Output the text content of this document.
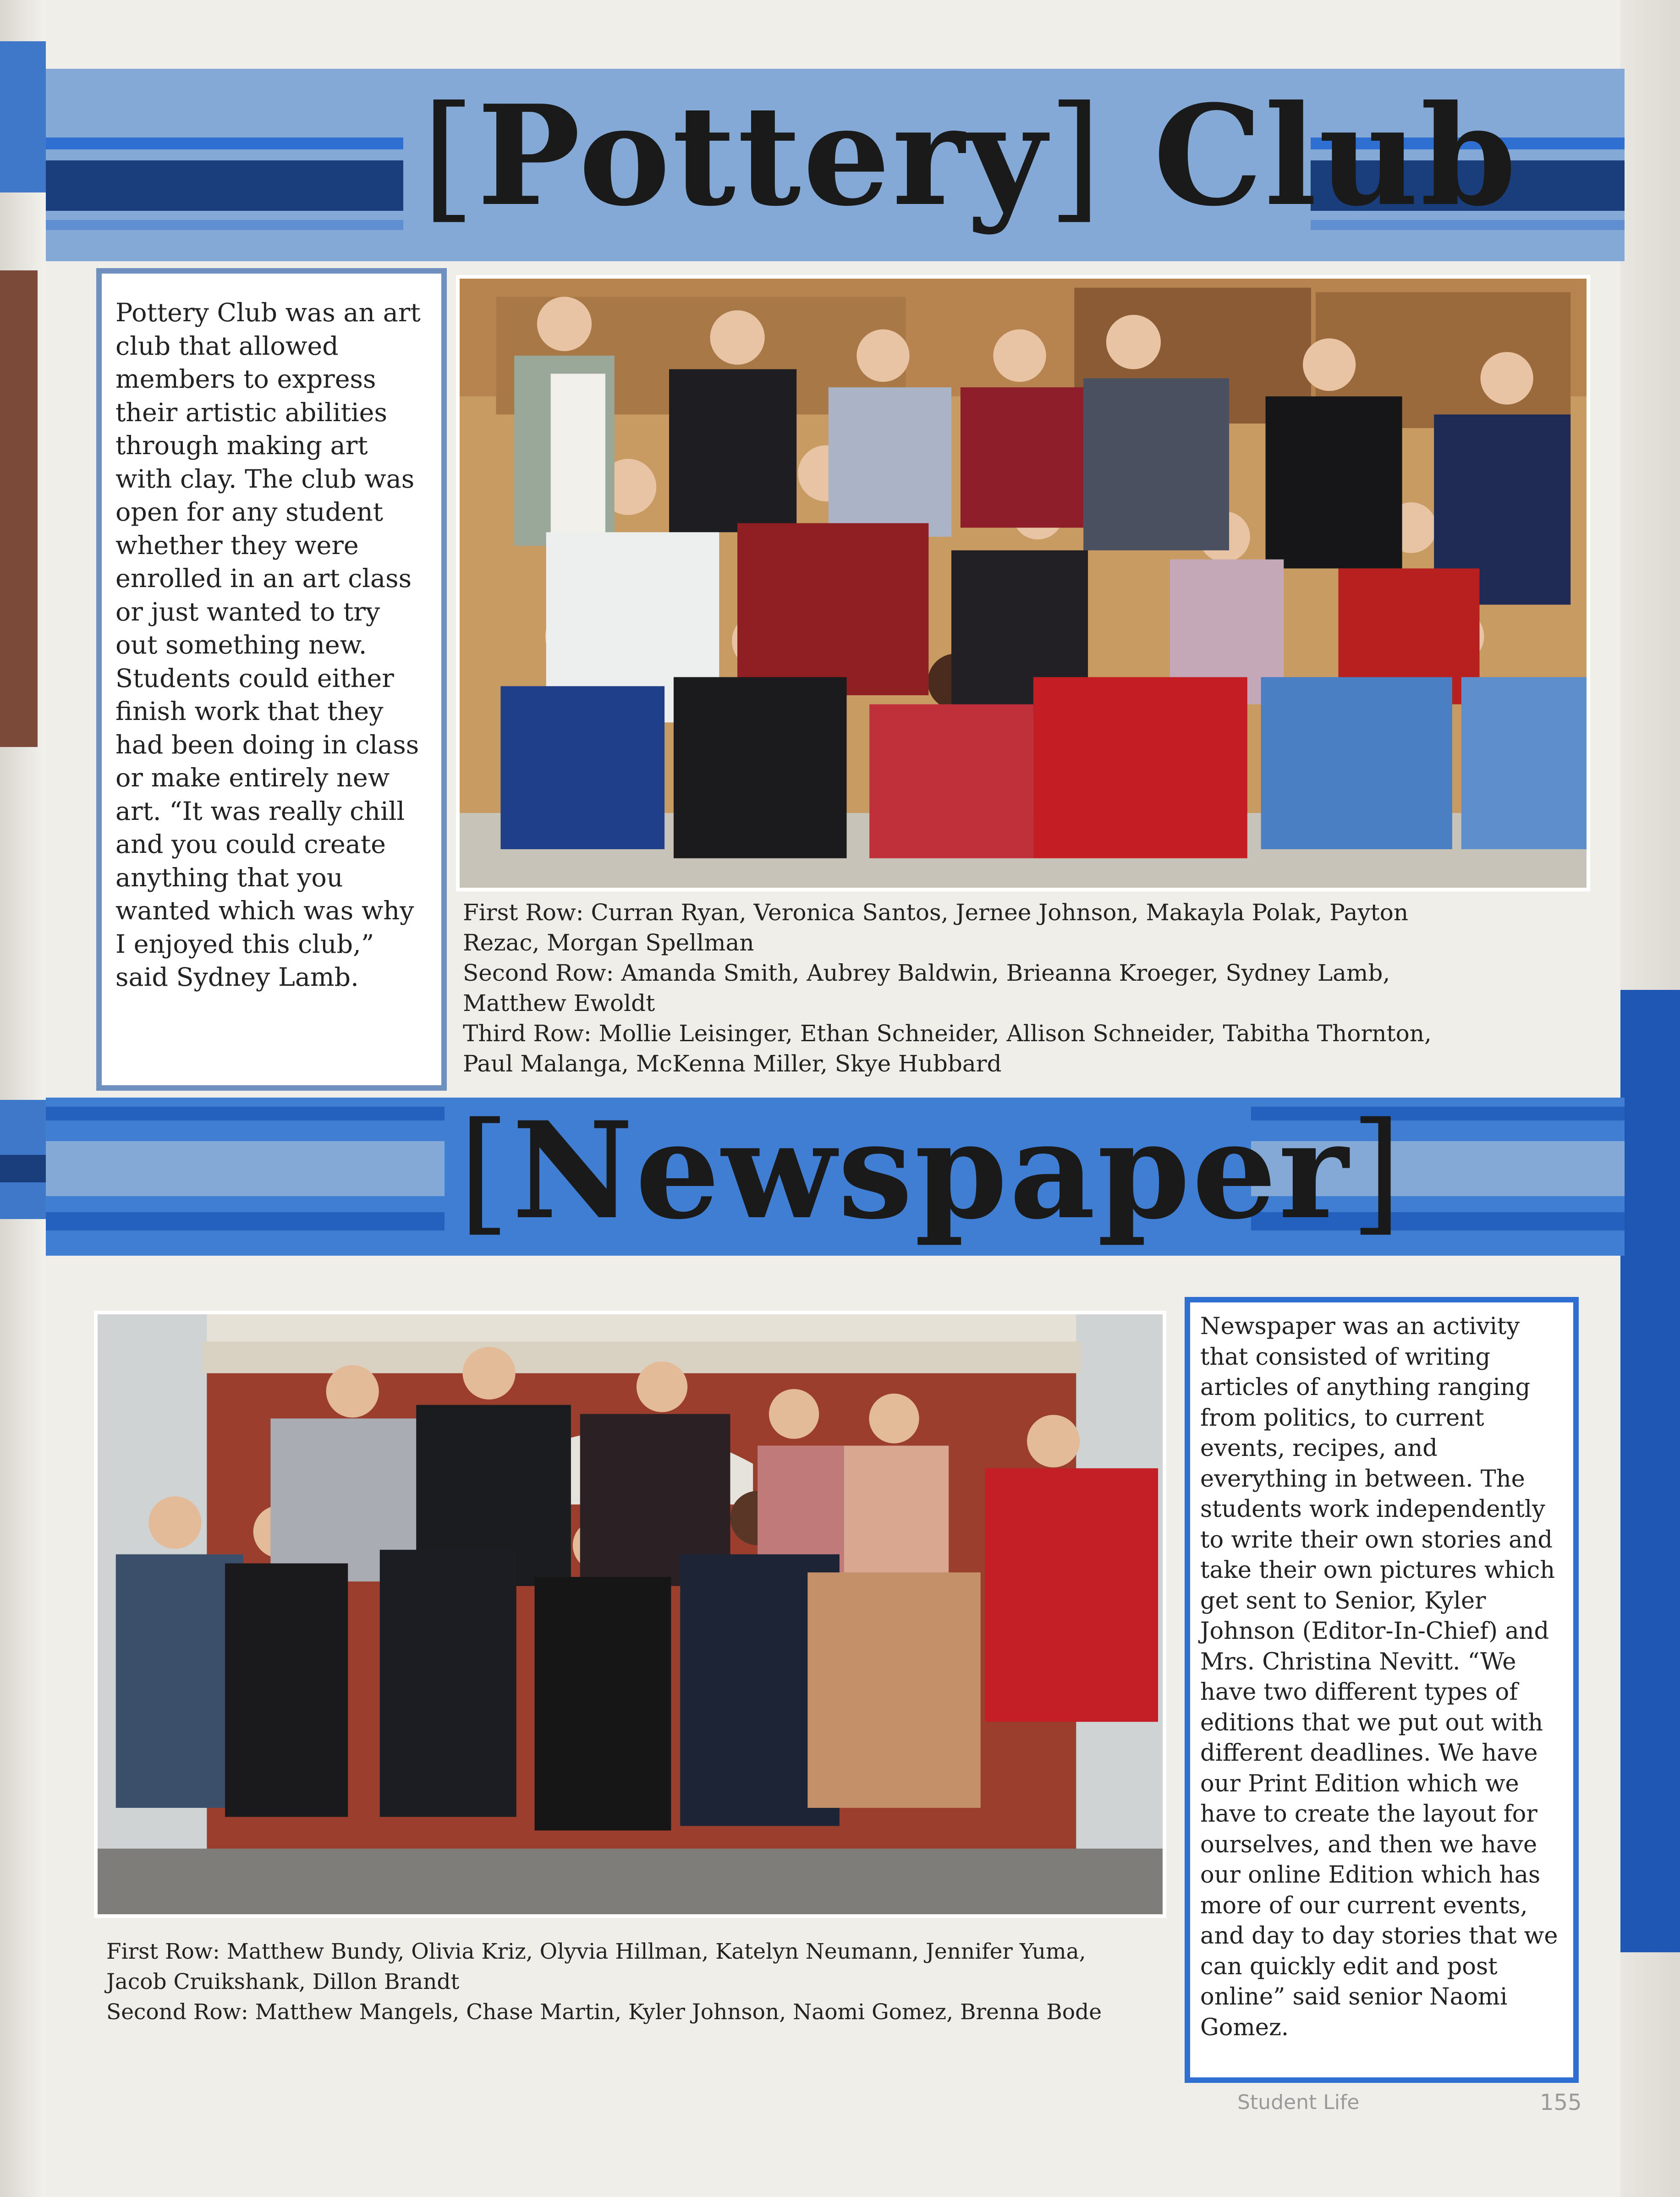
[Pottery] Club

Pottery Club was an art club that allowed members to express their artistic abilities through making art with clay. The club was open for any student whether they were enrolled in an art class or just wanted to try out something new. Students could either finish work that they had been doing in class or make entirely new art. “It was really chill and you could create anything that you wanted which was why I enjoyed this club,” said Sydney Lamb.

First Row: Curran Ryan, Veronica Santos, Jernee Johnson, Makayla Polak, Payton
Rezac, Morgan Spellman
Second Row: Amanda Smith, Aubrey Baldwin, Brieanna Kroeger, Sydney Lamb,
Matthew Ewoldt
Third Row: Mollie Leisinger, Ethan Schneider, Allison Schneider, Tabitha Thornton,
Paul Malanga, McKenna Miller, Skye Hubbard
[Newspaper]
First Row: Matthew Bundy, Olivia Kriz, Olyvia Hillman, Katelyn Neumann, Jennifer Yuma,
Jacob Cruikshank, Dillon Brandt
Second Row: Matthew Mangels, Chase Martin, Kyler Johnson, Naomi Gomez, Brenna Bode

Newspaper was an activity that consisted of writing articles of anything ranging from politics, to current events, recipes, and everything in between. The students work independently to write their own stories and take their own pictures which get sent to Senior, Kyler Johnson (Editor-In-Chief) and Mrs. Christina Nevitt. “We have two different types of editions that we put out with different deadlines. We have our Print Edition which we have to create the layout for ourselves, and then we have our online Edition which has more of our current events, and day to day stories that we can quickly edit and post online” said senior Naomi Gomez.

Student Life	155
